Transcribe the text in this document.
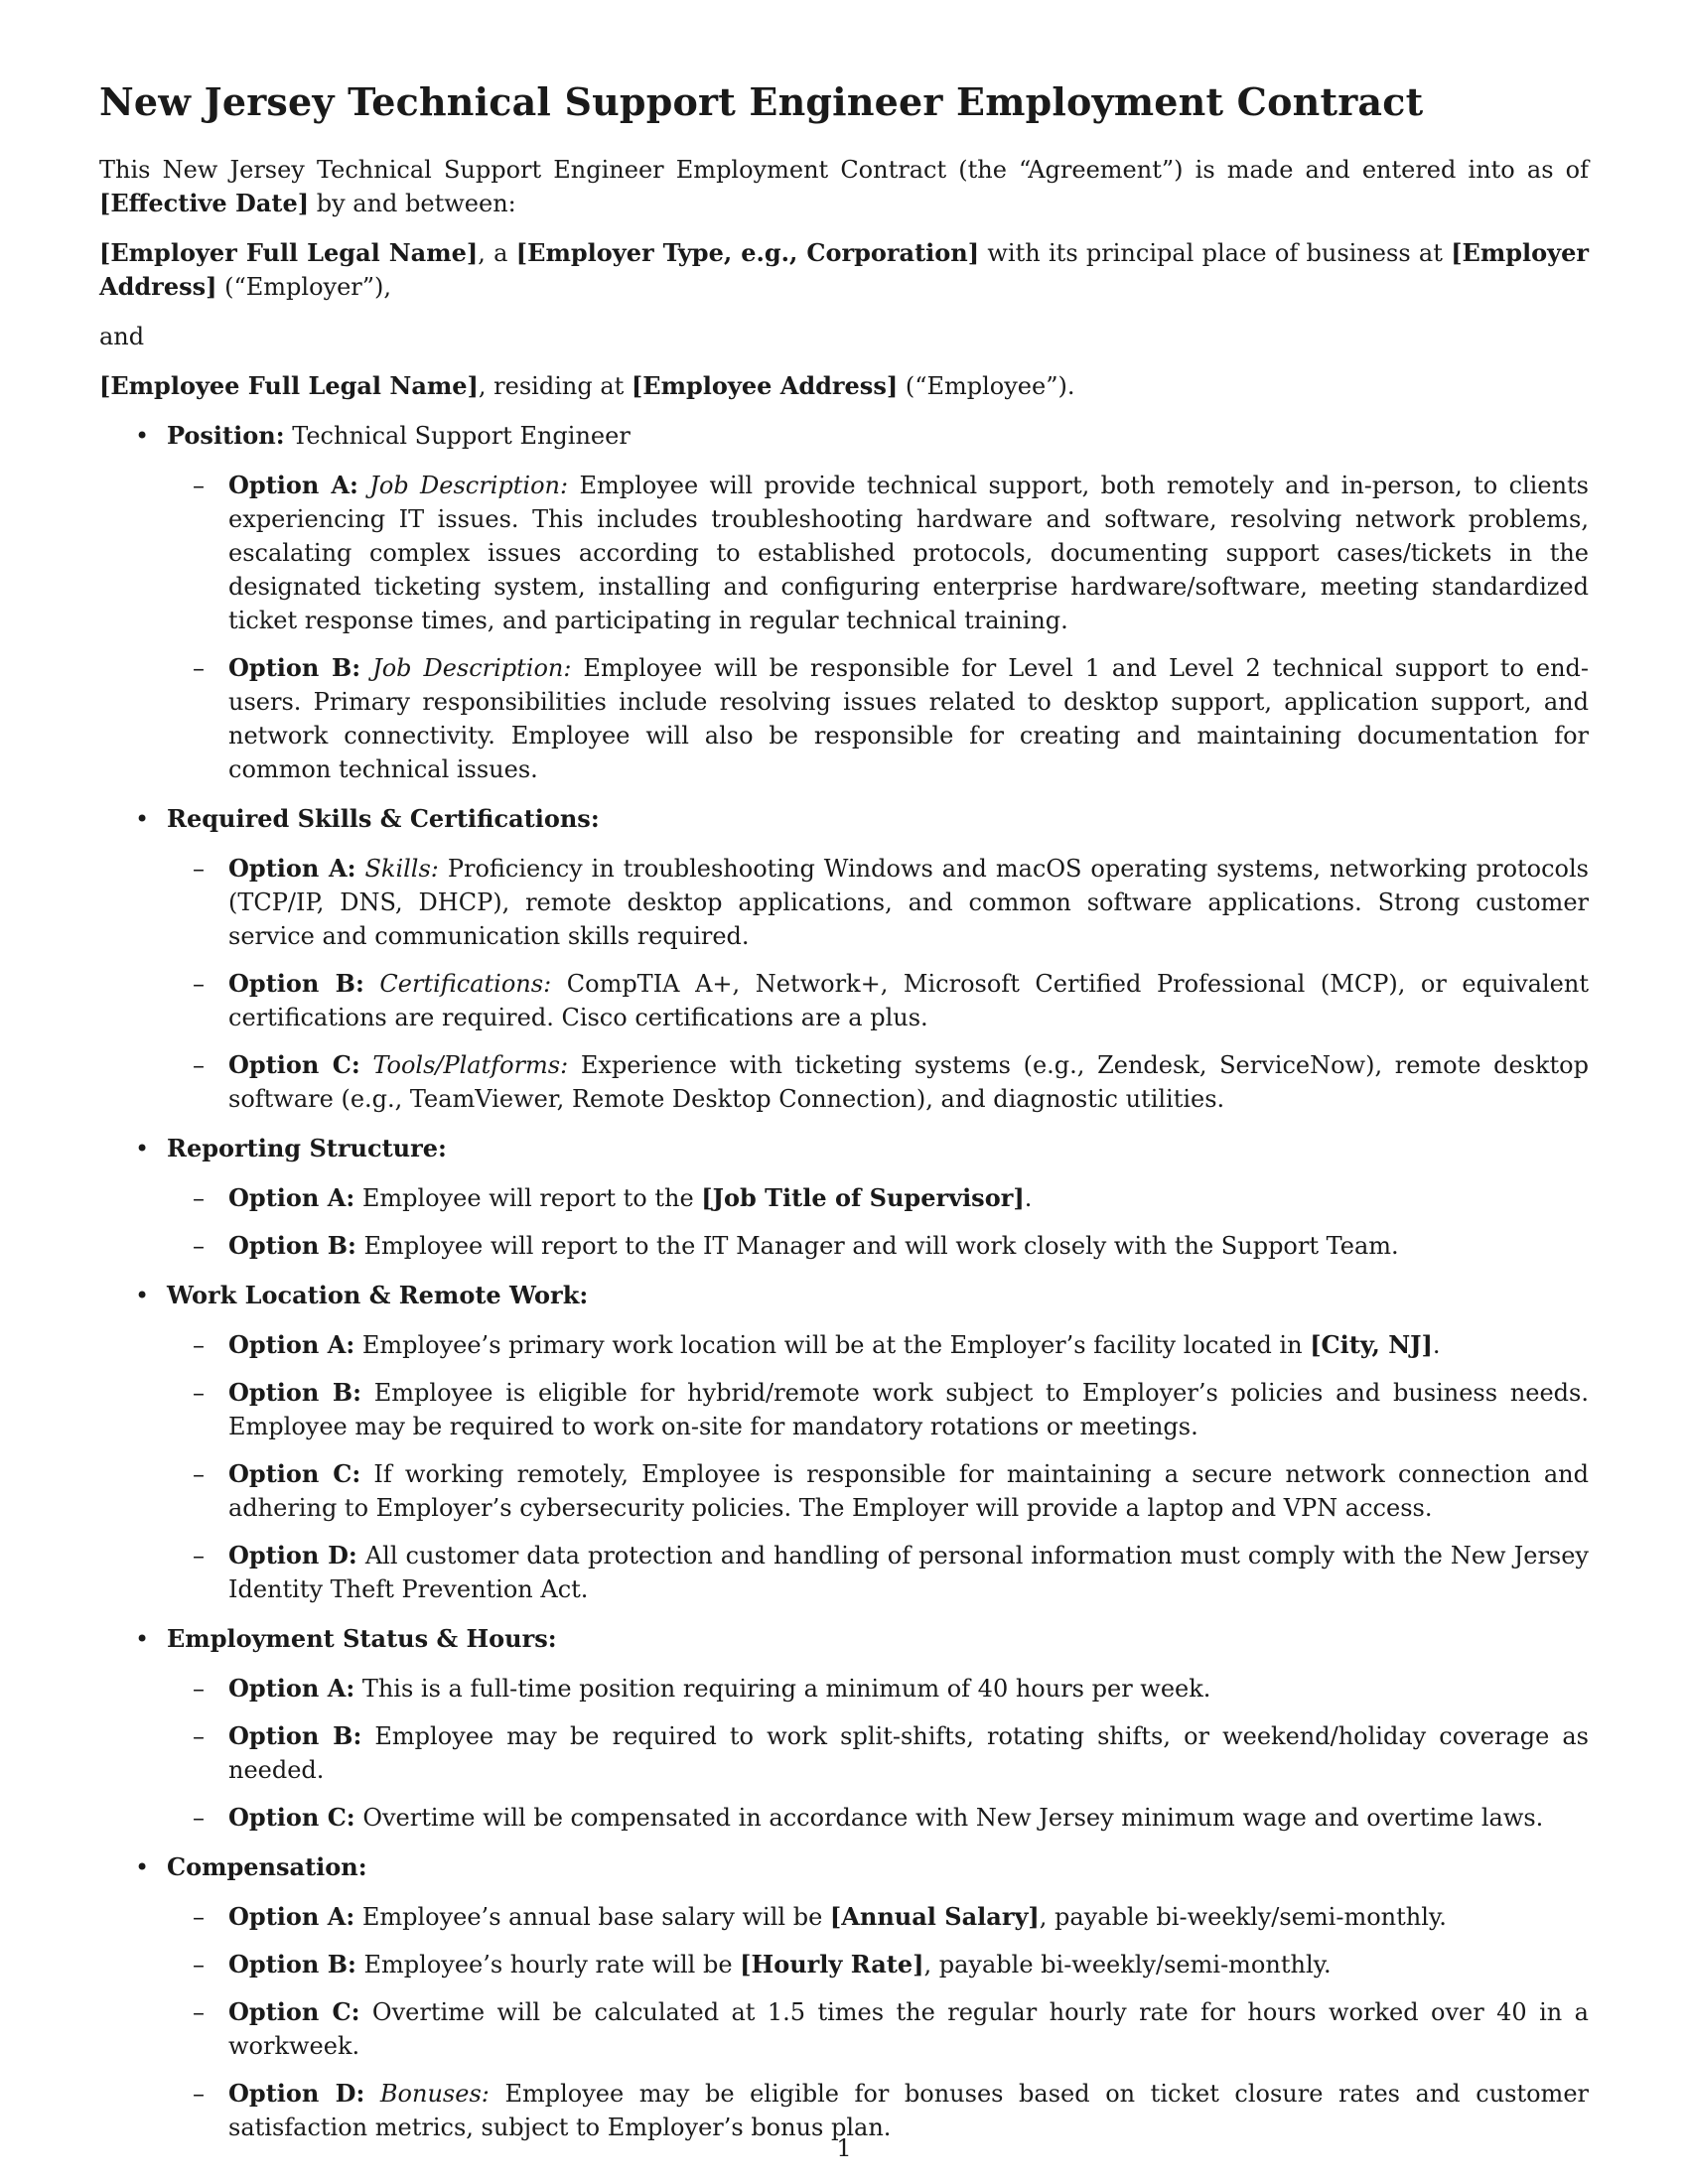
New Jersey Technical Support Engineer Employment Contract

This New Jersey Technical Support Engineer Employment Contract (the “Agreement”) is made and entered into as of [Effective Date] by and between:

[Employer Full Legal Name], a [Employer Type, e.g., Corporation] with its principal place of business at [Employer Address] (“Employer”),

and

[Employee Full Legal Name], residing at [Employee Address] (“Employee”).

• Position: Technical Support Engineer
– Option A: Job Description: Employee will provide technical support, both remotely and in-person, to clients experiencing IT issues. This includes troubleshooting hardware and software, resolving network problems, escalating complex issues according to established protocols, documenting support cases/tickets in the designated ticketing system, installing and configuring enterprise hardware/software, meeting standardized ticket response times, and participating in regular technical training.
– Option B: Job Description: Employee will be responsible for Level 1 and Level 2 technical support to end-users. Primary responsibilities include resolving issues related to desktop support, application support, and network connectivity. Employee will also be responsible for creating and maintaining documentation for common technical issues.
• Required Skills & Certifications:
– Option A: Skills: Proficiency in troubleshooting Windows and macOS operating systems, networking protocols (TCP/IP, DNS, DHCP), remote desktop applications, and common software applications. Strong customer service and communication skills required.
– Option B: Certifications: CompTIA A+, Network+, Microsoft Certified Professional (MCP), or equivalent certifications are required. Cisco certifications are a plus.
– Option C: Tools/Platforms: Experience with ticketing systems (e.g., Zendesk, ServiceNow), remote desktop software (e.g., TeamViewer, Remote Desktop Connection), and diagnostic utilities.
• Reporting Structure:
– Option A: Employee will report to the [Job Title of Supervisor].
– Option B: Employee will report to the IT Manager and will work closely with the Support Team.
• Work Location & Remote Work:
– Option A: Employee’s primary work location will be at the Employer’s facility located in [City, NJ].
– Option B: Employee is eligible for hybrid/remote work subject to Employer’s policies and business needs. Employee may be required to work on-site for mandatory rotations or meetings.
– Option C: If working remotely, Employee is responsible for maintaining a secure network connection and adhering to Employer’s cybersecurity policies. The Employer will provide a laptop and VPN access.
– Option D: All customer data protection and handling of personal information must comply with the New Jersey Identity Theft Prevention Act.
• Employment Status & Hours:
– Option A: This is a full-time position requiring a minimum of 40 hours per week.
– Option B: Employee may be required to work split-shifts, rotating shifts, or weekend/holiday coverage as needed.
– Option C: Overtime will be compensated in accordance with New Jersey minimum wage and overtime laws.
• Compensation:
– Option A: Employee’s annual base salary will be [Annual Salary], payable bi-weekly/semi-monthly.
– Option B: Employee’s hourly rate will be [Hourly Rate], payable bi-weekly/semi-monthly.
– Option C: Overtime will be calculated at 1.5 times the regular hourly rate for hours worked over 40 in a workweek.
– Option D: Bonuses: Employee may be eligible for bonuses based on ticket closure rates and customer satisfaction metrics, subject to Employer’s bonus plan.
1
